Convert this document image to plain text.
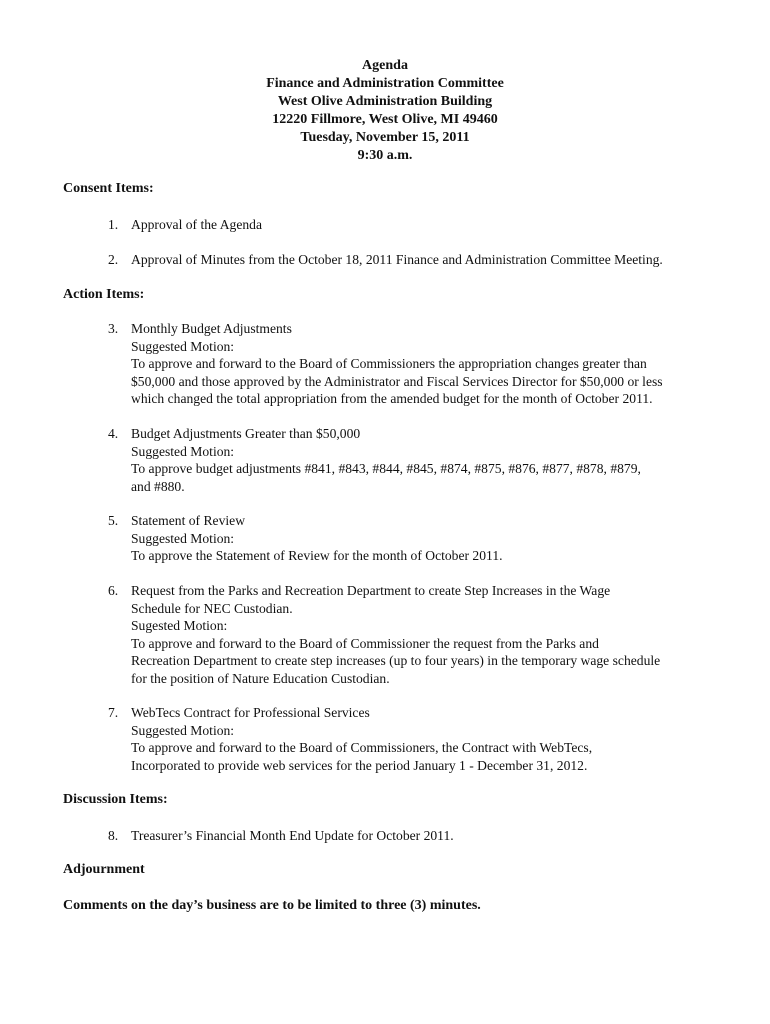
Agenda
Finance and Administration Committee
West Olive Administration Building
12220 Fillmore, West Olive, MI 49460
Tuesday, November 15, 2011
9:30 a.m.
Consent Items:
1. Approval of the Agenda
2. Approval of Minutes from the October 18, 2011 Finance and Administration Committee Meeting.
Action Items:
3. Monthly Budget Adjustments
Suggested Motion:
To approve and forward to the Board of Commissioners the appropriation changes greater than
$50,000 and those approved by the Administrator and Fiscal Services Director for $50,000 or less
which changed the total appropriation from the amended budget for the month of October 2011.
4. Budget Adjustments Greater than $50,000
Suggested Motion:
To approve budget adjustments #841, #843, #844, #845, #874, #875, #876, #877, #878, #879,
and #880.
5. Statement of Review
Suggested Motion:
To approve the Statement of Review for the month of October 2011.
6. Request from the Parks and Recreation Department to create Step Increases in the Wage
Schedule for NEC Custodian.
Sugested Motion:
To approve and forward to the Board of Commissioner the request from the Parks and
Recreation Department to create step increases (up to four years) in the temporary wage schedule
for the position of Nature Education Custodian.
7. WebTecs Contract for Professional Services
Suggested Motion:
To approve and forward to the Board of Commissioners, the Contract with WebTecs,
Incorporated to provide web services for the period January 1 - December 31, 2012.
Discussion Items:
8. Treasurer’s Financial Month End Update for October 2011.
Adjournment
Comments on the day’s business are to be limited to three (3) minutes.
